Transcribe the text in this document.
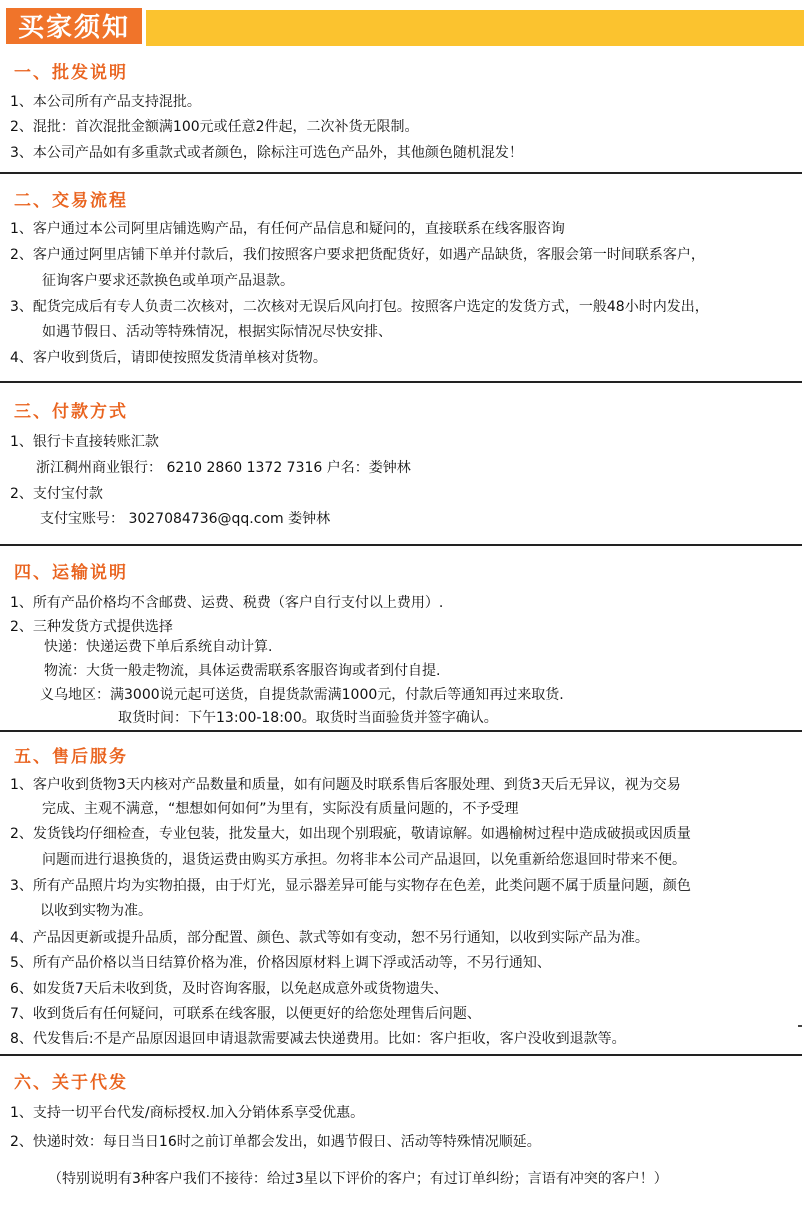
买家须知
一、批发说明
1、本公司所有产品支持混批。
2、混批：首次混批金额满100元或任意2件起，二次补货无限制。
3、本公司产品如有多重款式或者颜色，除标注可选色产品外，其他颜色随机混发！
二、交易流程
1、客户通过本公司阿里店铺选购产品，有任何产品信息和疑问的，直接联系在线客服咨询
2、客户通过阿里店铺下单并付款后，我们按照客户要求把货配货好，如遇产品缺货，客服会第一时间联系客户，
征询客户要求还款换色或单项产品退款。
3、配货完成后有专人负责二次核对，二次核对无误后风向打包。按照客户选定的发货方式，一般48小时内发出，
如遇节假日、活动等特殊情况，根据实际情况尽快安排、
4、客户收到货后，请即使按照发货清单核对货物。
三、付款方式
1、银行卡直接转账汇款
浙江稠州商业银行： 6210 2860 1372 7316 户名：娄钟林
2、支付宝付款
支付宝账号： 3027084736@qq.com 娄钟林
四、运输说明
1、所有产品价格均不含邮费、运费、税费（客户自行支付以上费用）.
2、三种发货方式提供选择
快递：快递运费下单后系统自动计算.
物流：大货一般走物流，具体运费需联系客服咨询或者到付自提.
义乌地区：满3000说元起可送货，自提货款需满1000元，付款后等通知再过来取货.
取货时间：下午13:00-18:00。取货时当面验货并签字确认。
五、售后服务
1、客户收到货物3天内核对产品数量和质量，如有问题及时联系售后客服处理、到货3天后无异议，视为交易
完成、主观不满意，“想想如何如何”为里有，实际没有质量问题的，不予受理
2、发货钱均仔细检查，专业包装，批发量大，如出现个别瑕疵，敬请谅解。如遇榆树过程中造成破损或因质量
问题而进行退换货的，退货运费由购买方承担。勿将非本公司产品退回，以免重新给您退回时带来不便。
3、所有产品照片均为实物拍摄，由于灯光，显示器差异可能与实物存在色差，此类问题不属于质量问题，颜色
以收到实物为准。
4、产品因更新或提升品质，部分配置、颜色、款式等如有变动，恕不另行通知，以收到实际产品为准。
5、所有产品价格以当日结算价格为准，价格因原材料上调下浮或活动等，不另行通知、
6、如发货7天后未收到货，及时咨询客服，以免赵成意外或货物遗失、
7、收到货后有任何疑问，可联系在线客服，以便更好的给您处理售后问题、
8、代发售后:不是产品原因退回申请退款需要减去快递费用。比如：客户拒收，客户没收到退款等。
六、关于代发
1、支持一切平台代发/商标授权.加入分销体系享受优惠。
2、快递时效：每日当日16时之前订单都会发出，如遇节假日、活动等特殊情况顺延。
（特别说明有3种客户我们不接待：给过3星以下评价的客户；有过订单纠纷；言语有冲突的客户！）
